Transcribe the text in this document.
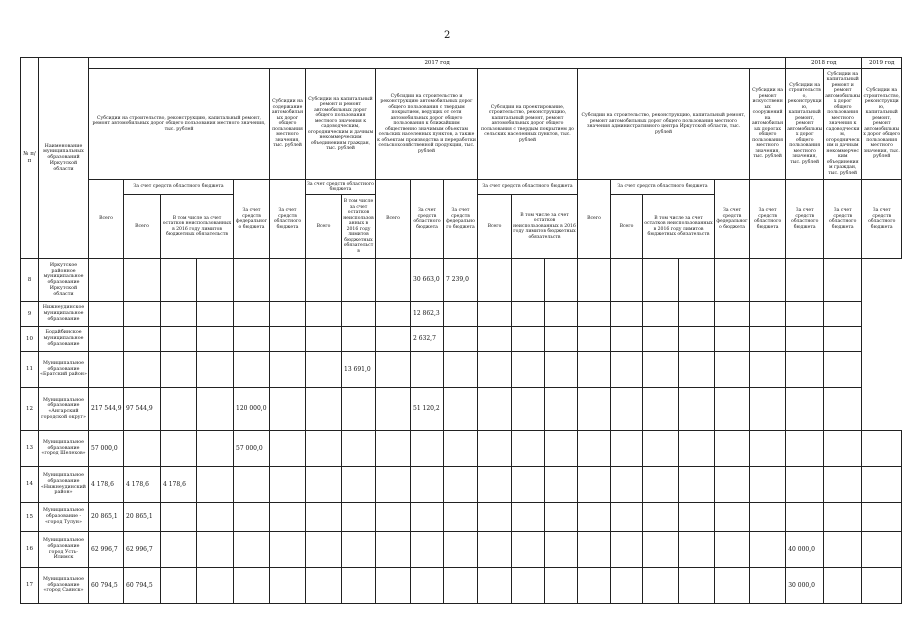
2
№ п/п	Наименование муниципальных образований Иркутской области	2017 год																				2018 год		2019 год
		Субсидии на строительство, реконструкцию, капитальный ремонт, ремонт автомобильных дорог общего пользования местного значения, тыс. рублей					Субсидии на содержание автомобильных дорог общего пользования местного значения, тыс. рублей	Субсидии на капитальный ремонт и ремонт автомобильных дорог общего пользования местного значения к садоводческим, огородническим и дачным некоммерческим объединениям граждан, тыс. рублей		Субсидии на строительство и реконструкцию автомобильных дорог общего пользования с твердым покрытием, ведущих от сети автомобильных дорог общего пользования к ближайшим общественно значимым объектам сельских населенных пунктов, а также к объектам производства и переработки сельскохозяйственной продукции, тыс. рублей			Субсидии на проектирование, строительство, реконструкцию, капитальный ремонт, ремонт автомобильных дорог общего пользования с твердым покрытием до сельских населенных пунктов, тыс. рублей			Субсидии на строительство, реконструкцию, капитальный ремонт, ремонт автомобильных дорог общего пользования местного значения административного центра Иркутской области, тыс. рублей					Субсидии на ремонт искусственных сооружений на автомобильных дорогах общего пользования местного значения, тыс. рублей	Субсидии на строительство, реконструкцию, капитальный ремонт, ремонт автомобильных дорог общего пользования местного значения, тыс. рублей	Субсидии на капитальный ремонт и ремонт автомобильных дорог общего пользования местного значения к садоводческим, огородническим и дачным некоммерческим объединениям граждан, тыс. рублей	Субсидии на строительство, реконструкцию, капитальный ремонт, ремонт автомобильных дорог общего пользования местного значения, тыс. рублей
		Всего	За счет средств областного бюджета			За счет средств федерального бюджета	За счет средств областного бюджета	За счет средств областного бюджета		Всего	За счет средств областного бюджета	За счет средств федерального бюджета	За счет средств областного бюджета			Всего	За счет средств областного бюджета			За счет средств федерального бюджета	За счет средств областного бюджета	За счет средств областного бюджета	За счет средств областного бюджета	За счет средств областного бюджета
			Всего	В том числе за счет остатков неиспользованных в 2016 году лимитов бюджетных обязательств				Всего	В том числе за счет остатков неиспользованных в 2016 году лимитов бюджетных обязательств				Всего	В том числе за счет остатков неиспользованных в 2016 году лимитов бюджетных обязательств			Всего	В том числе за счет остатков неиспользованных в 2016 году лимитов бюджетных обязательств						
8	Иркутское районное муниципальное образование Иркутской области										30 663,0	7 239,0												
9	Нижнеудинское муниципальное образование										12 862,3													
10	Бодайбинское муниципальное образование										2 632,7													
11	Муниципальное образование «Братский район»								13 691,0															
12	Муниципальное образование «Ангарский городской округ»	217 544,9	97 544,9			120 000,0					51 120,2													
13	Муниципальное образование «город Шелехов»	57 000,0				57 000,0																		
14	Муниципальное образование «Нижнеудинский район»	4 178,6	4 178,6	4 178,6																				
15	Муниципальное образование - «город Тулун»	20 865,1	20 865,1																					
16	Муниципальное образование город Усть-Илимск	62 996,7	62 996,7																			40 000,0		
17	Муниципальное образование «город Саянск»	60 794,5	60 794,5																			30 000,0		
